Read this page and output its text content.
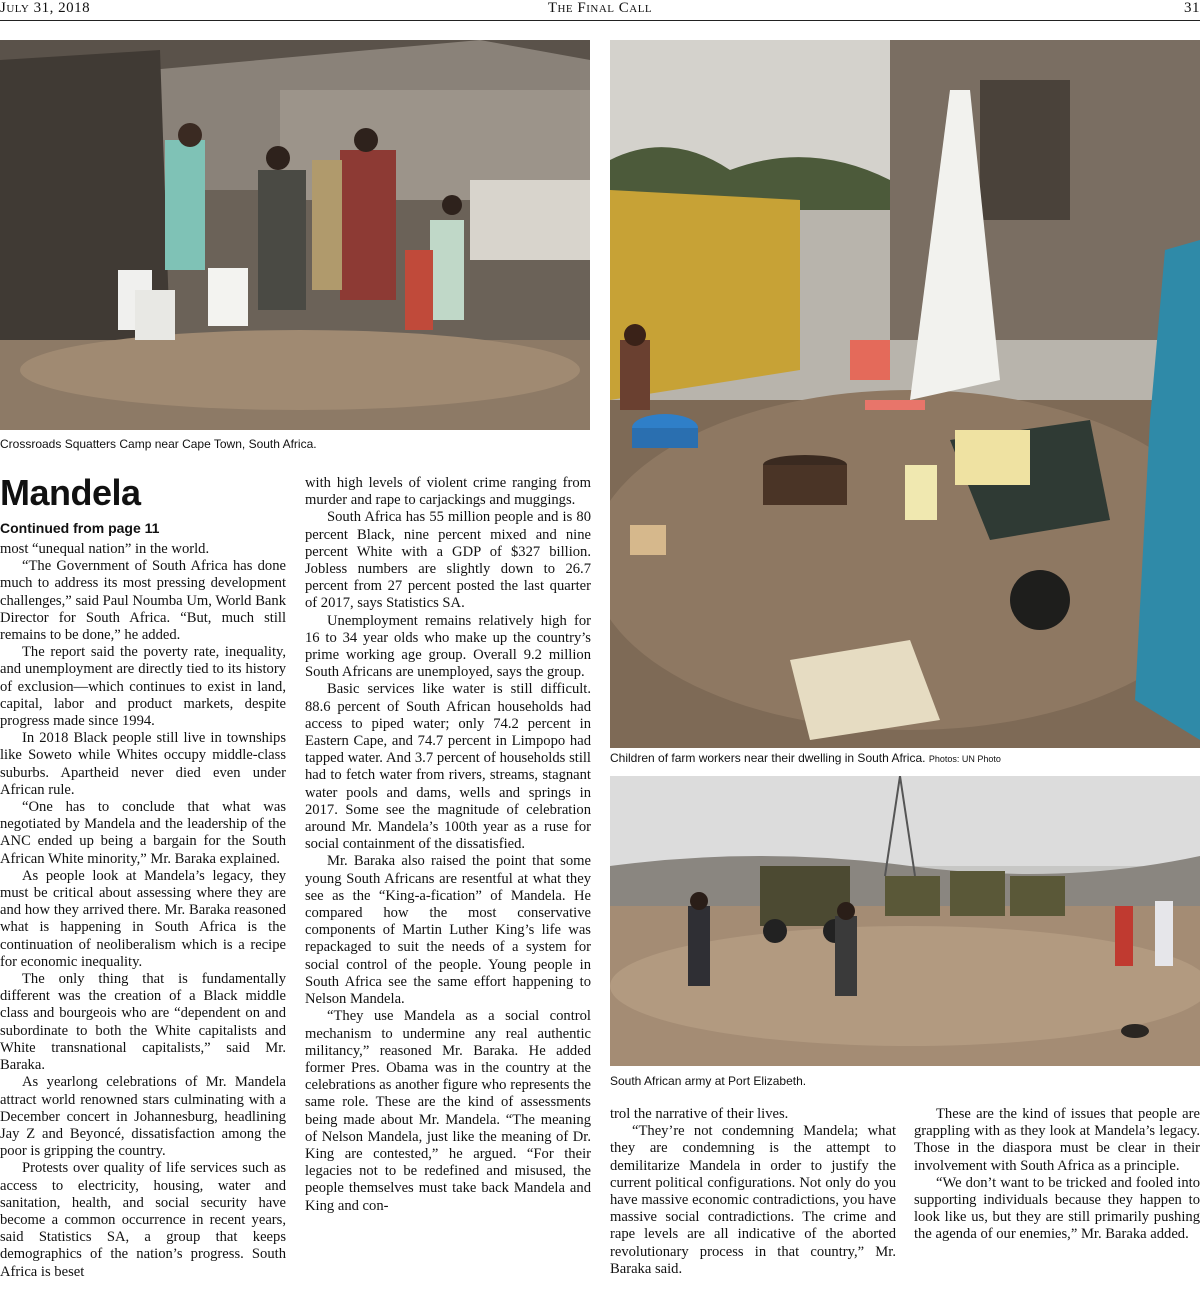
July 31, 2018	The Final Call	31
Crossroads Squatters Camp near Cape Town, South Africa.
Children of farm workers near their dwelling in South Africa. Photos: UN Photo
South African army at Port Elizabeth.
Mandela
Continued from page 11

most “unequal nation” in the world.

“The Government of South Africa has done much to address its most pressing development challenges,” said Paul Noumba Um, World Bank Director for South Africa. “But, much still remains to be done,” he added.

The report said the poverty rate, inequality, and unemployment are directly tied to its history of exclusion—which continues to exist in land, capital, labor and product markets, despite progress made since 1994.

In 2018 Black people still live in townships like Soweto while Whites occupy middle-class suburbs. Apartheid never died even under African rule.

“One has to conclude that what was negotiated by Mandela and the leadership of the ANC ended up being a bargain for the South African White minority,” Mr. Baraka explained.

As people look at Mandela’s legacy, they must be critical about assessing where they are and how they arrived there. Mr. Baraka reasoned what is happening in South Africa is the continuation of neoliberalism which is a recipe for economic inequality.

The only thing that is fundamentally different was the creation of a Black middle class and bourgeois who are “dependent on and subordinate to both the White capitalists and White transnational capitalists,” said Mr. Baraka.

As yearlong celebrations of Mr. Mandela attract world renowned stars culminating with a December concert in Johannesburg, headlining Jay Z and Beyoncé, dissatisfaction among the poor is gripping the country.

Protests over quality of life services such as access to electricity, housing, water and sanitation, health, and social security have become a common occurrence in recent years, said Statistics SA, a group that keeps demographics of the nation’s progress. South Africa is beset

with high levels of violent crime ranging from murder and rape to carjackings and muggings.

South Africa has 55 million people and is 80 percent Black, nine percent mixed and nine percent White with a GDP of $327 billion. Jobless numbers are slightly down to 26.7 percent from 27 percent posted the last quarter of 2017, says Statistics SA.

Unemployment remains relatively high for 16 to 34 year olds who make up the country’s prime working age group. Overall 9.2 million South Africans are unemployed, says the group.

Basic services like water is still difficult. 88.6 percent of South African households had access to piped water; only 74.2 percent in Eastern Cape, and 74.7 percent in Limpopo had tapped water. And 3.7 percent of households still had to fetch water from rivers, streams, stagnant water pools and dams, wells and springs in 2017. Some see the magnitude of celebration around Mr. Mandela’s 100th year as a ruse for social containment of the dissatisfied.

Mr. Baraka also raised the point that some young South Africans are resentful at what they see as the “King-a-fication” of Mandela. He compared how the most conservative components of Martin Luther King’s life was repackaged to suit the needs of a system for social control of the people. Young people in South Africa see the same effort happening to Nelson Mandela.

“They use Mandela as a social control mechanism to undermine any real authentic militancy,” reasoned Mr. Baraka. He added former Pres. Obama was in the country at the celebrations as another figure who represents the same role. These are the kind of assessments being made about Mr. Mandela. “The meaning of Nelson Mandela, just like the meaning of Dr. King are contested,” he argued. “For their legacies not to be redefined and misused, the people themselves must take back Mandela and King and con-

trol the narrative of their lives.

“They’re not condemning Mandela; what they are condemning is the attempt to demilitarize Mandela in order to justify the current political configurations. Not only do you have massive economic contradictions, you have massive social contradictions. The crime and rape levels are all indicative of the aborted revolutionary process in that country,” Mr. Baraka said.

These are the kind of issues that people are grappling with as they look at Mandela’s legacy. Those in the diaspora must be clear in their involvement with South Africa as a principle.

“We don’t want to be tricked and fooled into supporting individuals because they happen to look like us, but they are still primarily pushing the agenda of our enemies,” Mr. Baraka added.
